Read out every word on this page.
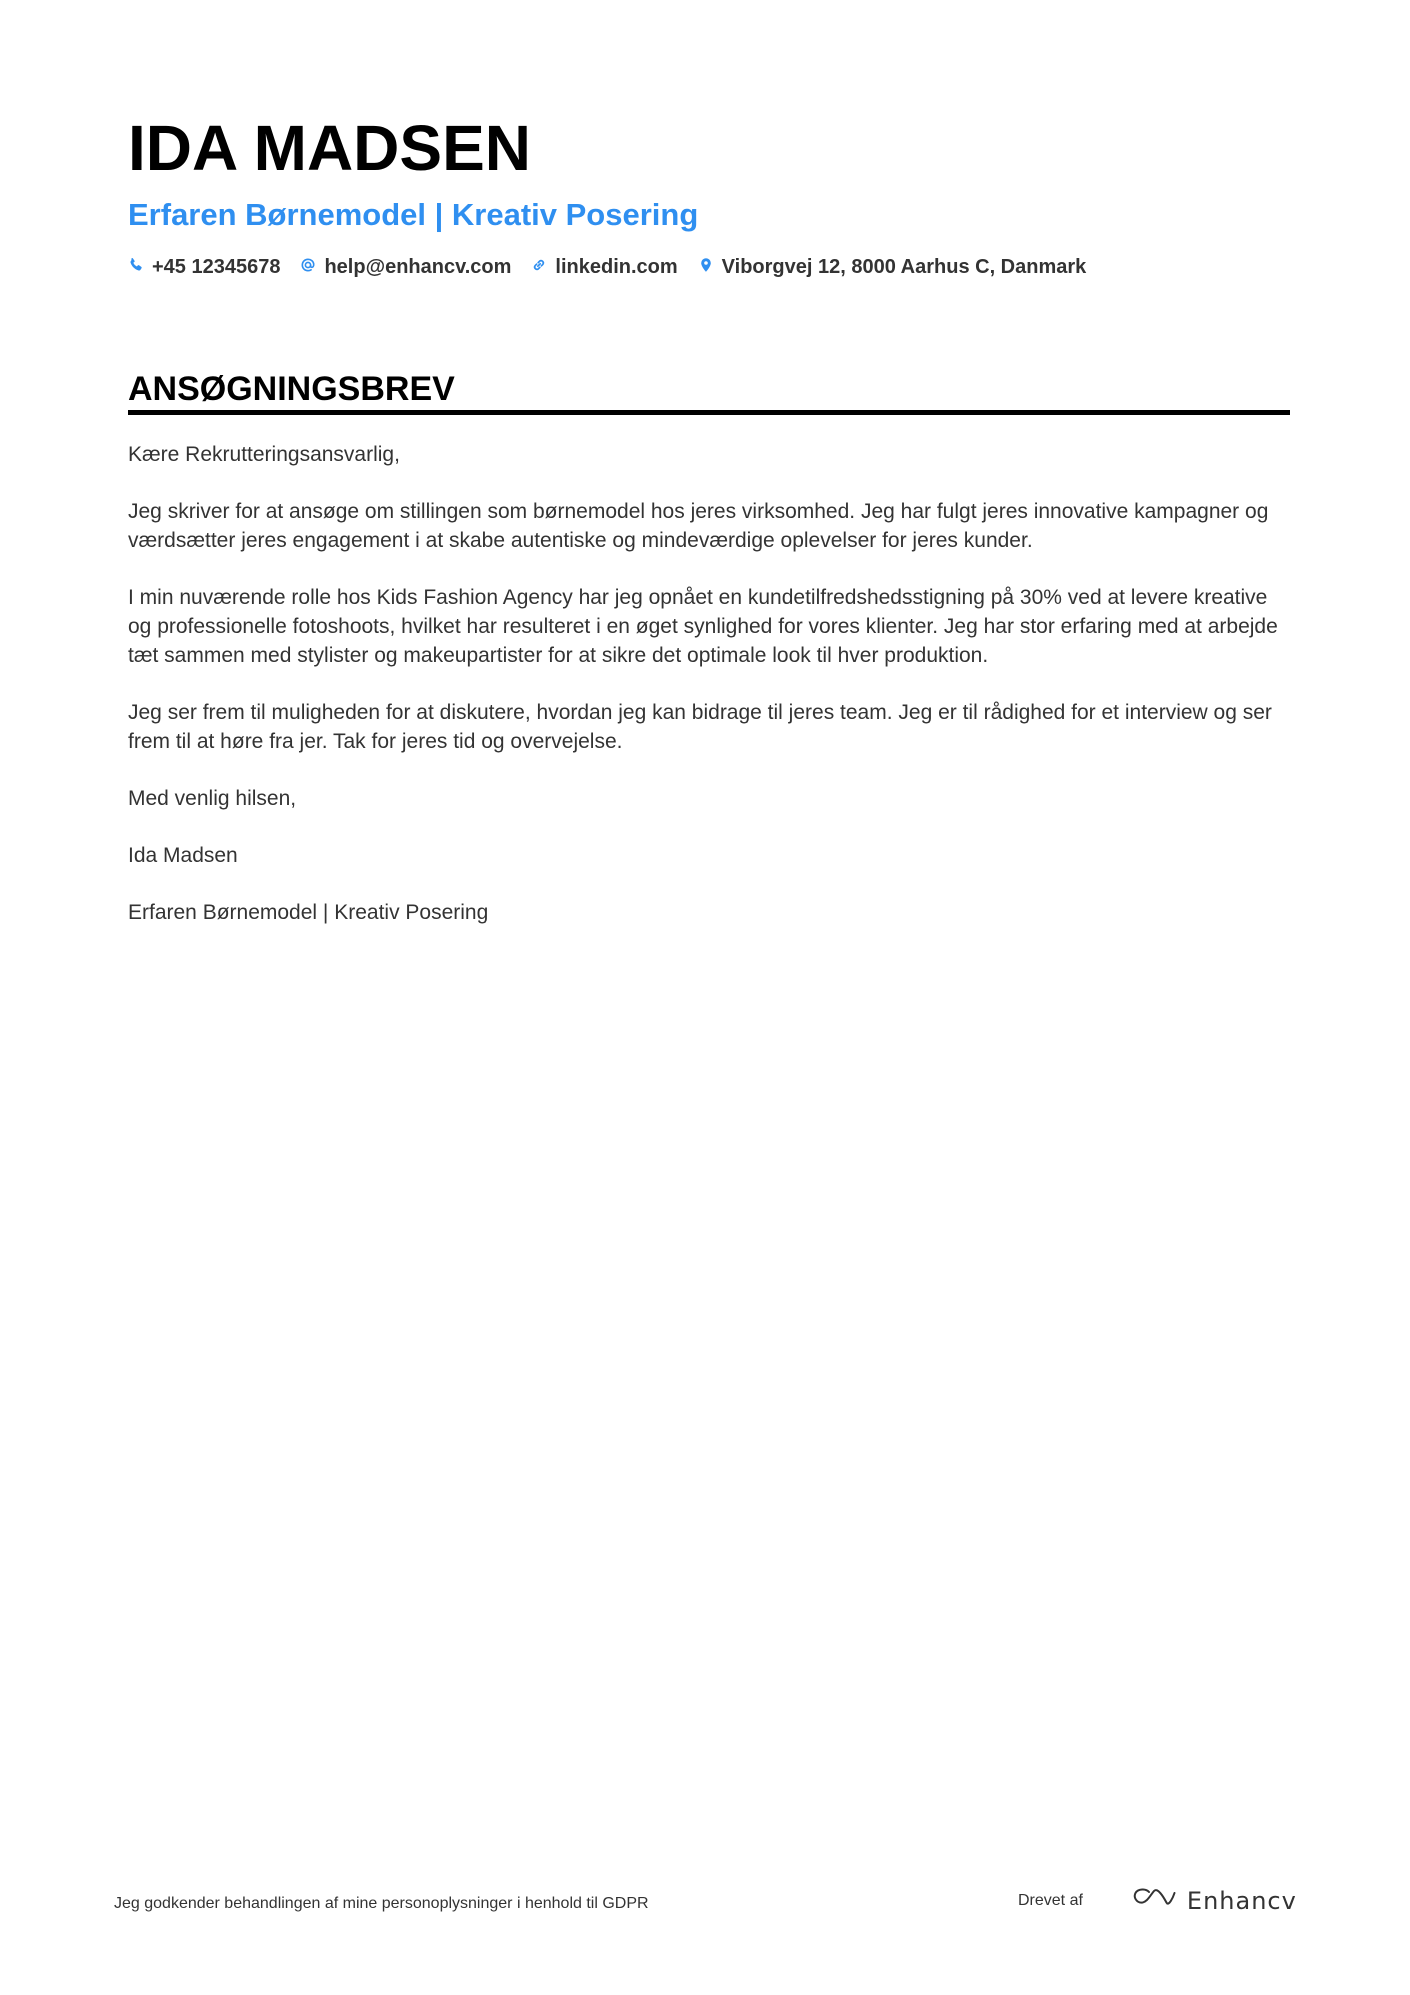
IDA MADSEN
Erfaren Børnemodel | Kreativ Posering
+45 12345678 help@enhancv.com linkedin.com Viborgvej 12, 8000 Aarhus C, Danmark
ANSØGNINGSBREV

Kære Rekrutteringsansvarlig,

Jeg skriver for at ansøge om stillingen som børnemodel hos jeres virksomhed. Jeg har fulgt jeres innovative kampagner og værdsætter jeres engagement i at skabe autentiske og mindeværdige oplevelser for jeres kunder.

I min nuværende rolle hos Kids Fashion Agency har jeg opnået en kundetilfredshedsstigning på 30% ved at levere kreative og professionelle fotoshoots, hvilket har resulteret i en øget synlighed for vores klienter. Jeg har stor erfaring med at arbejde tæt sammen med stylister og makeupartister for at sikre det optimale look til hver produktion.

Jeg ser frem til muligheden for at diskutere, hvordan jeg kan bidrage til jeres team. Jeg er til rådighed for et interview og ser frem til at høre fra jer. Tak for jeres tid og overvejelse.

Med venlig hilsen,

Ida Madsen

Erfaren Børnemodel | Kreativ Posering

Jeg godkender behandlingen af mine personoplysninger i henhold til GDPR	Drevet af	Enhancv
